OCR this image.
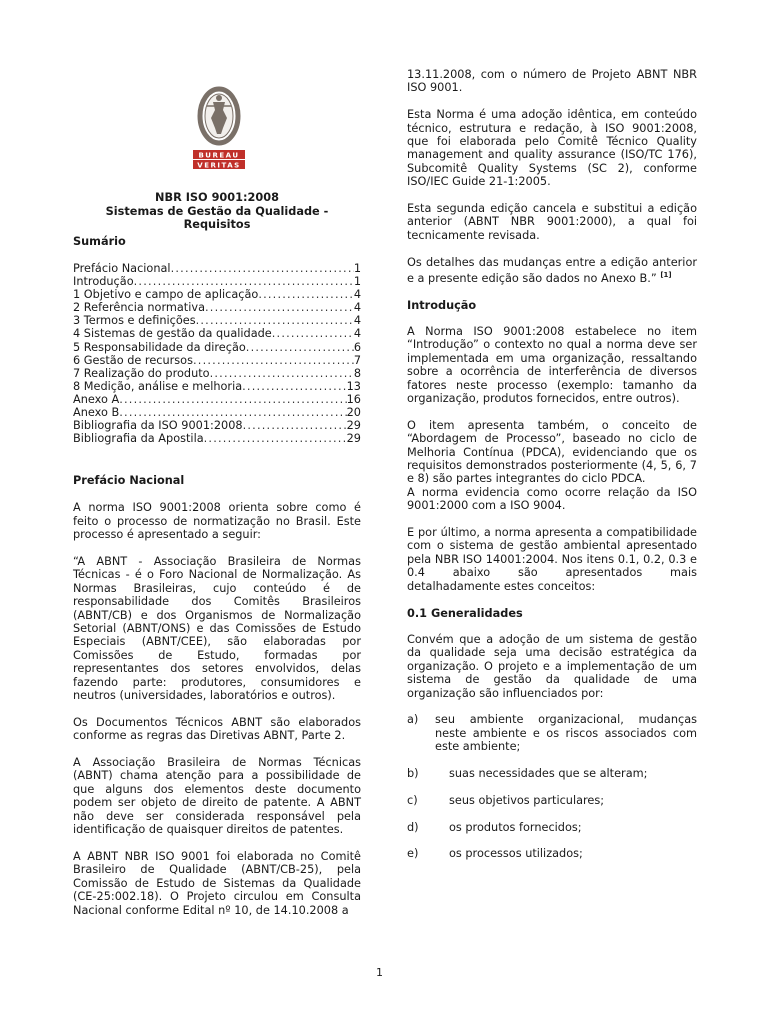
BUREAU
VERITAS
NBR ISO 9001:2008
Sistemas de Gestão da Qualidade - Requisitos
Sumário
Prefácio Nacional .....	1
Introdução .....	1
1 Objetivo e campo de aplicação .....	4
2 Referência normativa .....	4
3 Termos e definições .....	4
4 Sistemas de gestão da qualidade .....	4
5 Responsabilidade da direção .....	6
6 Gestão de recursos .....	7
7 Realização do produto .....	8
8 Medição, análise e melhoria .....	13
Anexo A .....	16
Anexo B .....	20
Bibliografia da ISO 9001:2008 .....	29
Bibliografia da Apostila .....	29
Prefácio Nacional

A norma ISO 9001:2008 orienta sobre como é feito o processo de normatização no Brasil. Este processo é apresentado a seguir:

“A ABNT - Associação Brasileira de Normas Técnicas - é o Foro Nacional de Normalização. As Normas Brasileiras, cujo conteúdo é de responsabilidade dos Comitês Brasileiros (ABNT/CB) e dos Organismos de Normalização Setorial (ABNT/ONS) e das Comissões de Estudo Especiais (ABNT/CEE), são elaboradas por Comissões de Estudo, formadas por representantes dos setores envolvidos, delas fazendo parte: produtores, consumidores e neutros (universidades, laboratórios e outros).

Os Documentos Técnicos ABNT são elaborados conforme as regras das Diretivas ABNT, Parte 2.

A Associação Brasileira de Normas Técnicas (ABNT) chama atenção para a possibilidade de que alguns dos elementos deste documento podem ser objeto de direito de patente. A ABNT não deve ser considerada responsável pela identificação de quaisquer direitos de patentes.

A ABNT NBR ISO 9001 foi elaborada no Comitê Brasileiro de Qualidade (ABNT/CB-25), pela Comissão de Estudo de Sistemas da Qualidade (CE-25:002.18). O Projeto circulou em Consulta Nacional conforme Edital nº 10, de 14.10.2008 a

13.11.2008, com o número de Projeto ABNT NBR ISO 9001.

Esta Norma é uma adoção idêntica, em conteúdo técnico, estrutura e redação, à ISO 9001:2008, que foi elaborada pelo Comitê Técnico Quality management and quality assurance (ISO/TC 176), Subcomitê Quality Systems (SC 2), conforme ISO/IEC Guide 21-1:2005.

Esta segunda edição cancela e substitui a edição anterior (ABNT NBR 9001:2000), a qual foi tecnicamente revisada.

Os detalhes das mudanças entre a edição anterior e a presente edição são dados no Anexo B.” [1]

Introdução

A Norma ISO 9001:2008 estabelece no item “Introdução” o contexto no qual a norma deve ser implementada em uma organização, ressaltando sobre a ocorrência de interferência de diversos fatores neste processo (exemplo: tamanho da organização, produtos fornecidos, entre outros).

O item apresenta também, o conceito de “Abordagem de Processo”, baseado no ciclo de Melhoria Contínua (PDCA), evidenciando que os requisitos demonstrados posteriormente (4, 5, 6, 7 e 8) são partes integrantes do ciclo PDCA.

A norma evidencia como ocorre relação da ISO 9001:2000 com a ISO 9004.

E por último, a norma apresenta a compatibilidade com o sistema de gestão ambiental apresentado pela NBR ISO 14001:2004. Nos itens 0.1, 0.2, 0.3 e 0.4 abaixo são apresentados mais detalhadamente estes conceitos:

0.1 Generalidades

Convém que a adoção de um sistema de gestão da qualidade seja uma decisão estratégica da organização. O projeto e a implementação de um sistema de gestão da qualidade de uma organização são influenciados por:

a)	seu ambiente organizacional, mudanças neste ambiente e os riscos associados com este ambiente;
b)	suas necessidades que se alteram;
c)	seus objetivos particulares;
d)	os produtos fornecidos;
e)	os processos utilizados;
1
